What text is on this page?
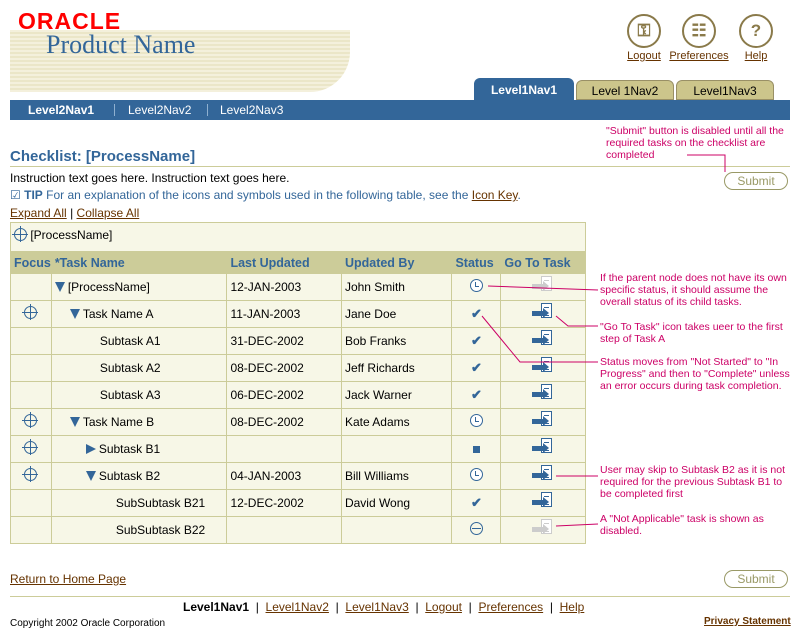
ORACLE
Product Name	⚿
Logout
☷
Preferences
?
Help
Level1Nav1	Level 1Nav2	Level1Nav3
Level2Nav1	Level2Nav2 Level2Nav3
Checklist: [ProcessName]
Instruction text goes here. Instruction text goes here.
☑ TIP For an explanation of the icons and symbols used in the following table, see the Icon Key.
Expand All | Collapse All
Submit
[ProcessName]
Focus	*Task Name	Last Updated	Updated By	Status	Go To Task
	[ProcessName]	12-JAN-2003	John Smith		

	Task Name A	11-JAN-2003	Jane Doe	✔	

	Subtask A1	31-DEC-2002	Bob Franks	✔	

	Subtask A2	08-DEC-2002	Jeff Richards	✔	

	Subtask A3	06-DEC-2002	Jack Warner	✔	

	Task Name B	08-DEC-2002	Kate Adams		

	Subtask B1				

	Subtask B2	04-JAN-2003	Bill Williams		

	SubSubtask B21	12-DEC-2002	David Wong	✔	

	SubSubtask B22				
"Submit" button is disabled until all the required tasks on the checklist are completed
If the parent node does not have its own specific status, it should assume the overall status of its child tasks.
"Go To Task" icon takes ueer to the first step of Task A
Status moves from "Not Started" to "In Progress" and then to "Complete" unless an error occurs during task completion.
User may skip to Subtask B2 as it is not required for the previous Subtask B1 to be completed first
A "Not Applicable" task is shown as disabled.
Return to Home Page	Submit
Level1Nav1  |  Level1Nav2  |  Level1Nav3  |  Logout  |  Preferences  |  Help
Copyright 2002 Oracle Corporation	Privacy Statement
